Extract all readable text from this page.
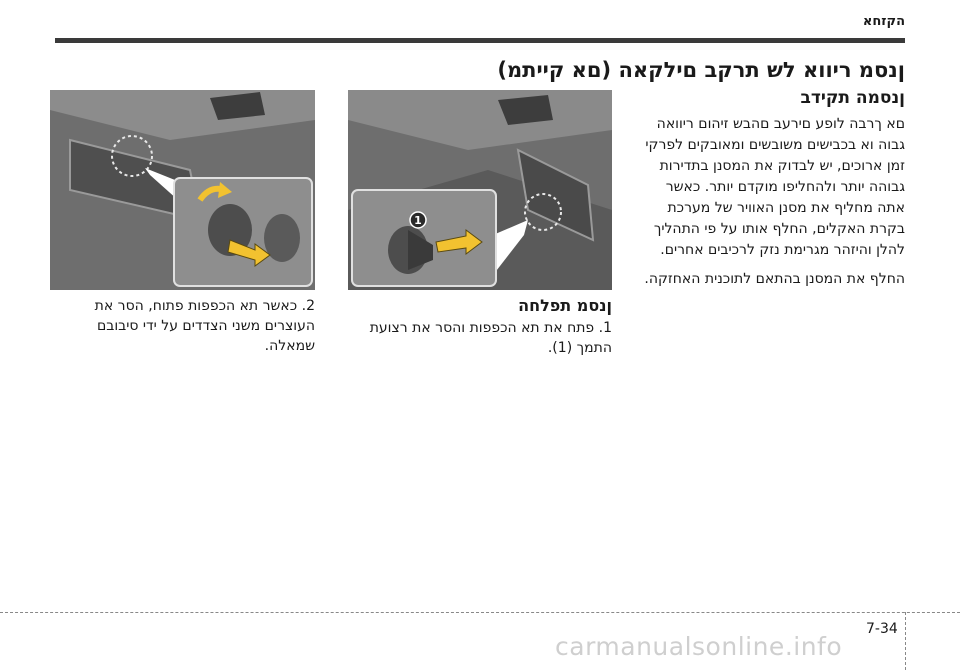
הקזחא
ןנסמ ריווא לש תרקב םילקאה (םא קייתמ)
ןנסמה תקידב

םא ךרבה לופע םירעב םהבש זיהום ריוואה גבוה וא בכבישים משובשים ומאובקים לפרקי זמן ארוכים, יש לבדוק את המסנן בתדירות גבוהה יותר ולהחליפו מוקדם יותר. כאשר אתה מחליף את מסנן האוויר של מערכת בקרת האקלים, החלף אותו על פי התהליך להלן והיזהר מגרימת נזק לרכיבים אחרים.

החלף את המסנן בהתאם לתוכנית האחזקה.

1
ןנסמ תפלחה
1. פתח את תא הכפפות והסר את רצועת התמך (1).
2. כאשר תא הכפפות פתוח, הסר את העוצרים משני הצדדים על ידי סיבובם שמאלה.
7-34
carmanualsonline.info
